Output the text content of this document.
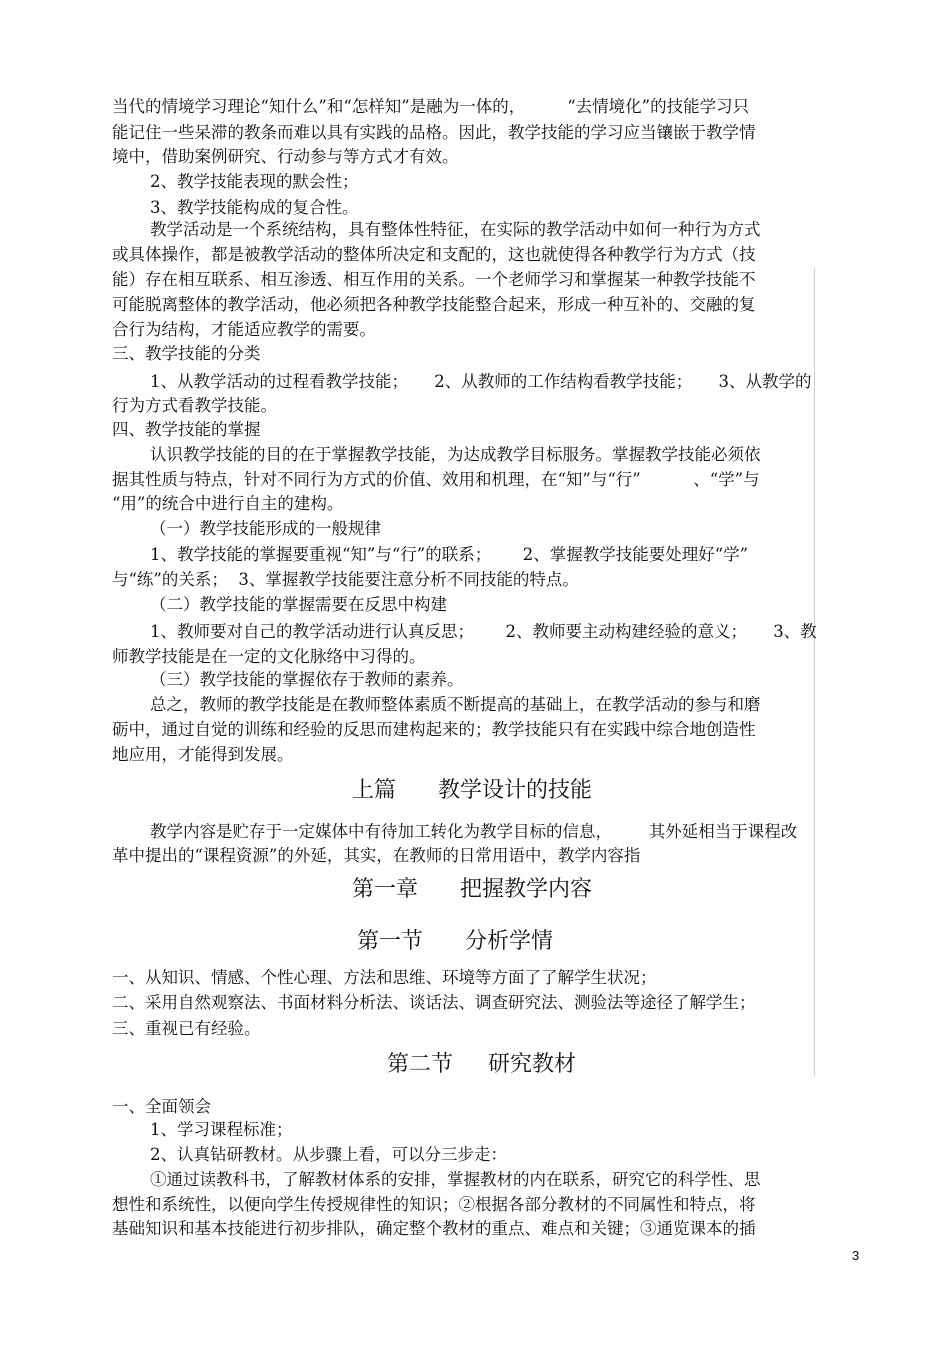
当代的情境学习理论“知什么”和“怎样知”是融为一体的，        “去情境化”的技能学习只
能记住一些呆滞的教条而难以具有实践的品格。因此，教学技能的学习应当镶嵌于教学情
境中，借助案例研究、行动参与等方式才有效。
2、教学技能表现的默会性；
3、教学技能构成的复合性。
教学活动是一个系统结构，具有整体性特征，在实际的教学活动中如何一种行为方式
或具体操作，都是被教学活动的整体所决定和支配的，这也就使得各种教学行为方式（技
能）存在相互联系、相互渗透、相互作用的关系。一个老师学习和掌握某一种教学技能不
可能脱离整体的教学活动，他必须把各种教学技能整合起来，形成一种互补的、交融的复
合行为结构，才能适应教学的需要。
三、教学技能的分类
1、从教学活动的过程看教学技能；     2、从教师的工作结构看教学技能；     3、从教学的
行为方式看教学技能。
四、教学技能的掌握
认识教学技能的目的在于掌握教学技能，为达成教学目标服务。掌握教学技能必须依
据其性质与特点，针对不同行为方式的价值、效用和机理，在“知”与“行”          、“学”与
“用”的统合中进行自主的建构。
（一）教学技能形成的一般规律
1、教学技能的掌握要重视“知”与“行”的联系；      2、掌握教学技能要处理好“学”
与“练”的关系；  3、掌握教学技能要注意分析不同技能的特点。
（二）教学技能的掌握需要在反思中构建
1、教师要对自己的教学活动进行认真反思；      2、教师要主动构建经验的意义；     3、教
师教学技能是在一定的文化脉络中习得的。
（三）教学技能的掌握依存于教师的素养。
总之，教师的教学技能是在教师整体素质不断提高的基础上，在教学活动的参与和磨
砺中，通过自觉的训练和经验的反思而建构起来的；教学技能只有在实践中综合地创造性
地应用，才能得到发展。
教学内容是贮存于一定媒体中有待加工转化为教学目标的信息，       其外延相当于课程改
革中提出的“课程资源”的外延，其实，在教师的日常用语中，教学内容指
一、从知识、情感、个性心理、方法和思维、环境等方面了了解学生状况；
二、采用自然观察法、书面材料分析法、谈话法、调查研究法、测验法等途径了解学生；
三、重视已有经验。
一、全面领会
1、学习课程标准；
2、认真钻研教材。从步骤上看，可以分三步走：
①通过读教科书，了解教材体系的安排，掌握教材的内在联系，研究它的科学性、思
想性和系统性，以便向学生传授规律性的知识；②根据各部分教材的不同属性和特点，将
基础知识和基本技能进行初步排队，确定整个教材的重点、难点和关键；③通览课本的插
上篇      教学设计的技能
第一章      把握教学内容
第一节      分析学情
第二节     研究教材
3
